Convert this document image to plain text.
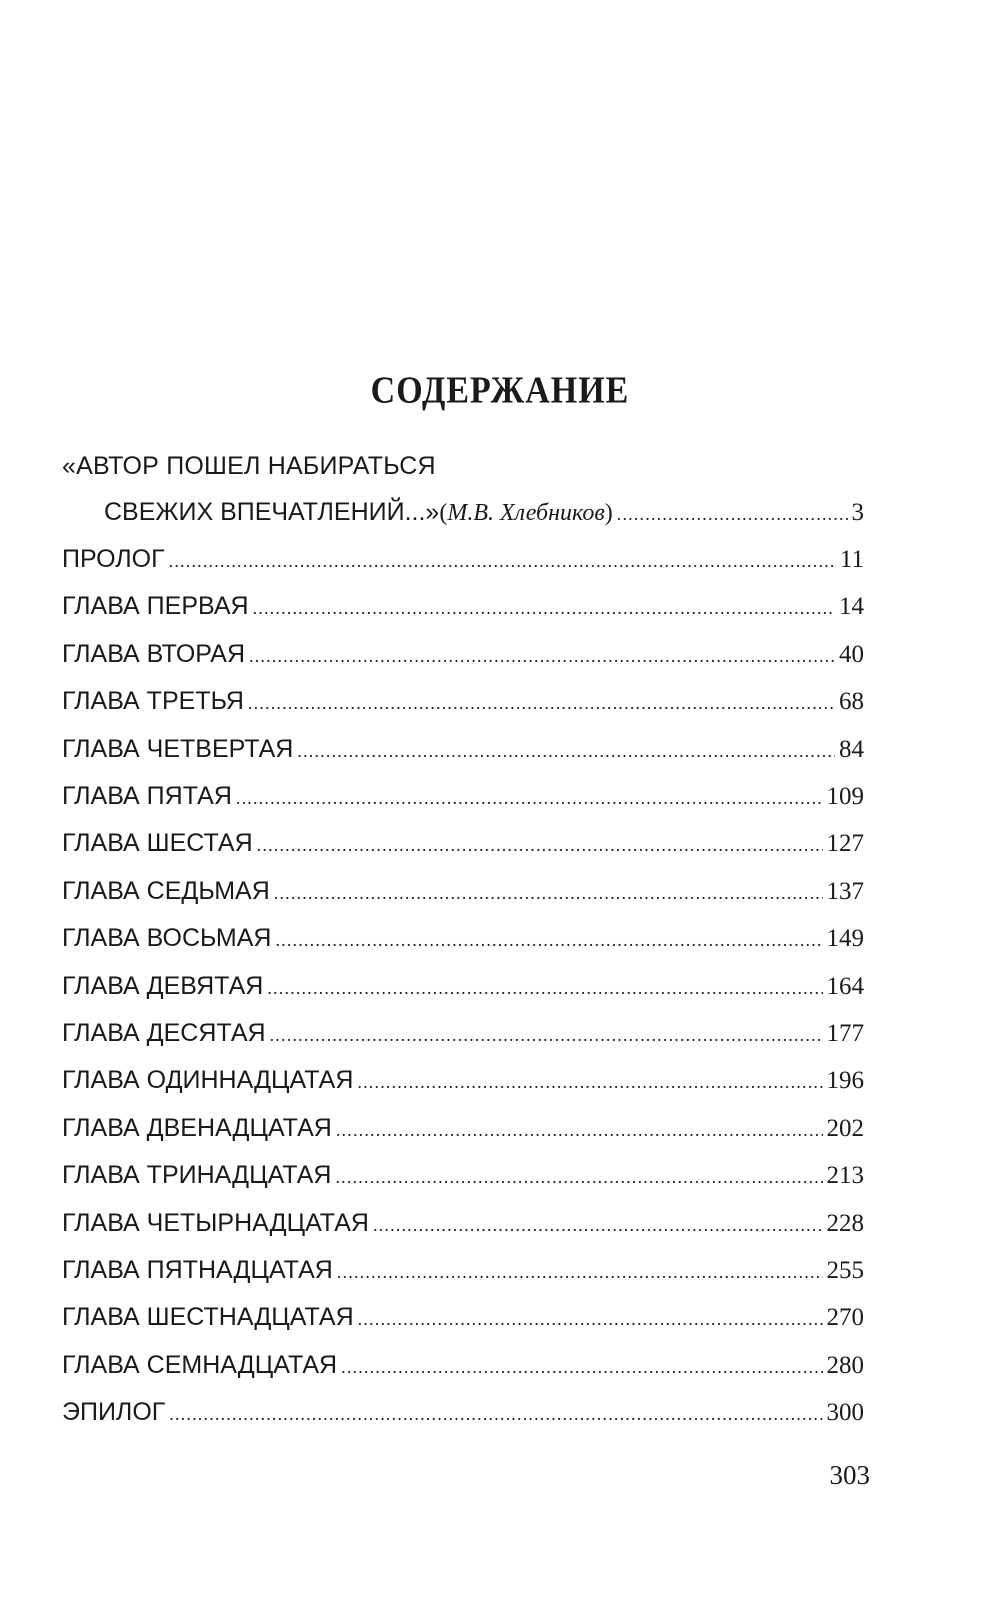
СОДЕРЖАНИЕ
«АВТОР ПОШЕЛ НАБИРАТЬСЯ
СВЕЖИХ ВПЕЧАТЛЕНИЙ...» ( М.В. Хлебников ) .....	3
ПРОЛОГ .....	11
ГЛАВА ПЕРВАЯ .....	14
ГЛАВА ВТОРАЯ .....	40
ГЛАВА ТРЕТЬЯ .....	68
ГЛАВА ЧЕТВЕРТАЯ .....	84
ГЛАВА ПЯТАЯ .....	109
ГЛАВА ШЕСТАЯ .....	127
ГЛАВА СЕДЬМАЯ .....	137
ГЛАВА ВОСЬМАЯ .....	149
ГЛАВА ДЕВЯТАЯ .....	164
ГЛАВА ДЕСЯТАЯ .....	177
ГЛАВА ОДИННАДЦАТАЯ .....	196
ГЛАВА ДВЕНАДЦАТАЯ .....	202
ГЛАВА ТРИНАДЦАТАЯ .....	213
ГЛАВА ЧЕТЫРНАДЦАТАЯ .....	228
ГЛАВА ПЯТНАДЦАТАЯ .....	255
ГЛАВА ШЕСТНАДЦАТАЯ .....	270
ГЛАВА СЕМНАДЦАТАЯ .....	280
ЭПИЛОГ .....	300
303
